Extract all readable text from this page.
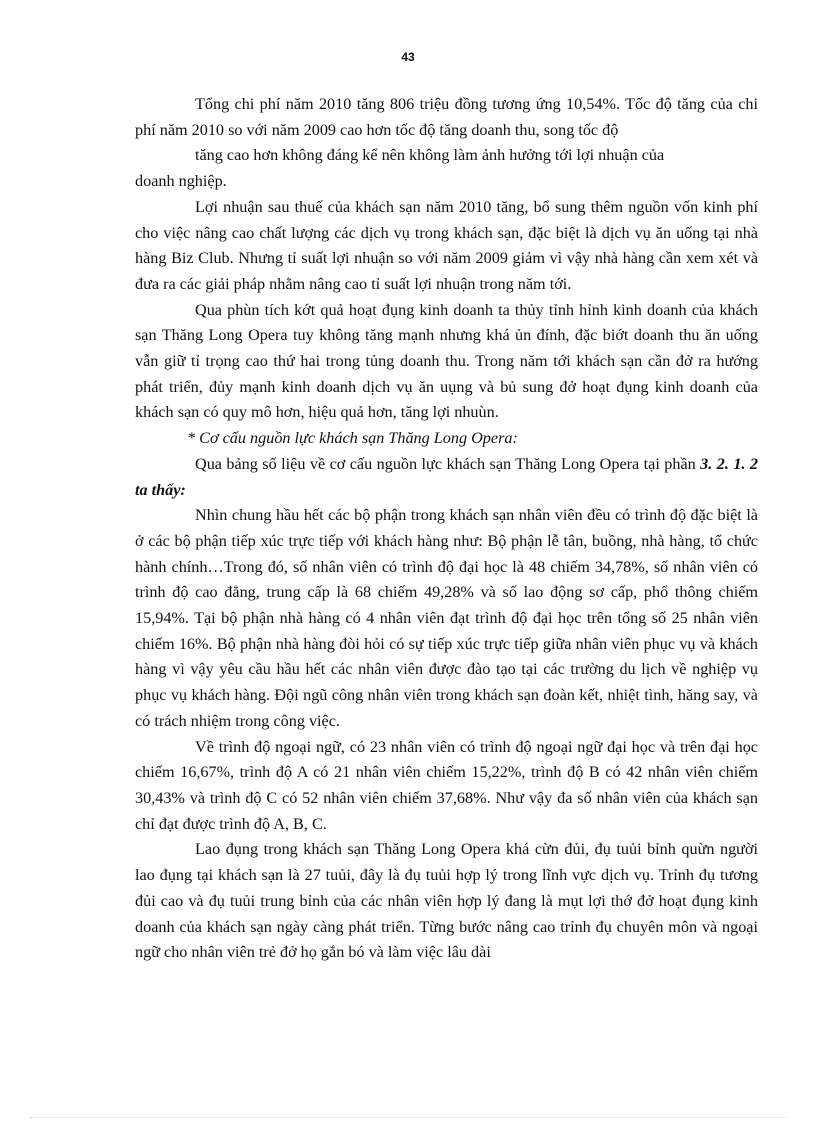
43

Tổng chi phí năm 2010 tăng 806 triệu đồng tương ứng 10,54%. Tốc độ tăng của chi phí năm 2010 so với năm 2009 cao hơn tốc độ tăng doanh thu, song tốc độ

tăng cao hơn không đáng kể nên không làm ảnh hưởng tới lợi nhuận của

doanh nghiệp.

Lợi nhuận sau thuế của khách sạn năm 2010 tăng, bổ sung thêm nguồn vốn kinh phí cho việc nâng cao chất lượng các dịch vụ trong khách sạn, đặc biệt là dịch vụ ăn uống tại nhà hàng Biz Club. Nhưng tỉ suất lợi nhuận so với năm 2009 giảm vì vậy nhà hàng cần xem xét và đưa ra các giải pháp nhằm nâng cao tỉ suất lợi nhuận trong năm tới.

Qua phùn tích kớt quả hoạt đụng kinh doanh ta thủy tỉnh hỉnh kinh doanh của khách sạn Thăng Long Opera tuy không tăng mạnh nhưng khá ủn đính, đặc biớt doanh thu ăn uống vẫn giữ tỉ trọng cao thứ hai trong tủng doanh thu. Trong năm tới khách sạn cần đở ra hướng phát triển, đủy mạnh kinh doanh dịch vụ ăn uụng và bủ sung đở hoạt đụng kinh doanh của khách sạn có quy mô hơn, hiệu quả hơn, tăng lợi nhuùn.

* Cơ cấu nguồn lực khách sạn Thăng Long Opera:

Qua bảng số liệu về cơ cấu nguồn lực khách sạn Thăng Long Opera tại phần 3. 2. 1. 2 ta thấy:

Nhìn chung hầu hết các bộ phận trong khách sạn nhân viên đều có trình độ đặc biệt là ở các bộ phận tiếp xúc trực tiếp với khách hàng như: Bộ phận lễ tân, buồng, nhà hàng, tổ chức hành chính…Trong đó, số nhân viên có trình độ đại học là 48 chiếm 34,78%, số nhân viên có trình độ cao đẳng, trung cấp là 68 chiếm 49,28% và số lao động sơ cấp, phổ thông chiếm 15,94%. Tại bộ phận nhà hàng có 4 nhân viên đạt trình độ đại học trên tổng số 25 nhân viên chiếm 16%. Bộ phận nhà hàng đòi hỏi có sự tiếp xúc trực tiếp giữa nhân viên phục vụ và khách hàng vì vậy yêu cầu hầu hết các nhân viên được đào tạo tại các trường du lịch về nghiệp vụ phục vụ khách hàng. Đội ngũ công nhân viên trong khách sạn đoàn kết, nhiệt tình, hăng say, và có trách nhiệm trong công việc.

Về trình độ ngoại ngữ, có 23 nhân viên có trình độ ngoại ngữ đại học và trên đại học chiếm 16,67%, trình độ A có 21 nhân viên chiếm 15,22%, trình độ B có 42 nhân viên chiếm 30,43% và trình độ C có 52 nhân viên chiếm 37,68%. Như vậy đa số nhân viên của khách sạn chỉ đạt được trình độ A, B, C.

Lao đụng trong khách sạn Thăng Long Opera khá cừn đủi, đụ tuủi bỉnh quừn người lao đụng tại khách sạn là 27 tuủi, đây là đụ tuủi hợp lý trong lĩnh vực dịch vụ. Trỉnh đụ tương đủi cao và đụ tuủi trung bỉnh của các nhân viên hợp lý đang là mụt lợi thớ đở hoạt đụng kinh doanh của khách sạn ngày càng phát triển. Từng bước nâng cao trỉnh đụ chuyên môn và ngoại ngữ cho nhân viên trẻ đở họ gắn bó và làm việc lâu dài
